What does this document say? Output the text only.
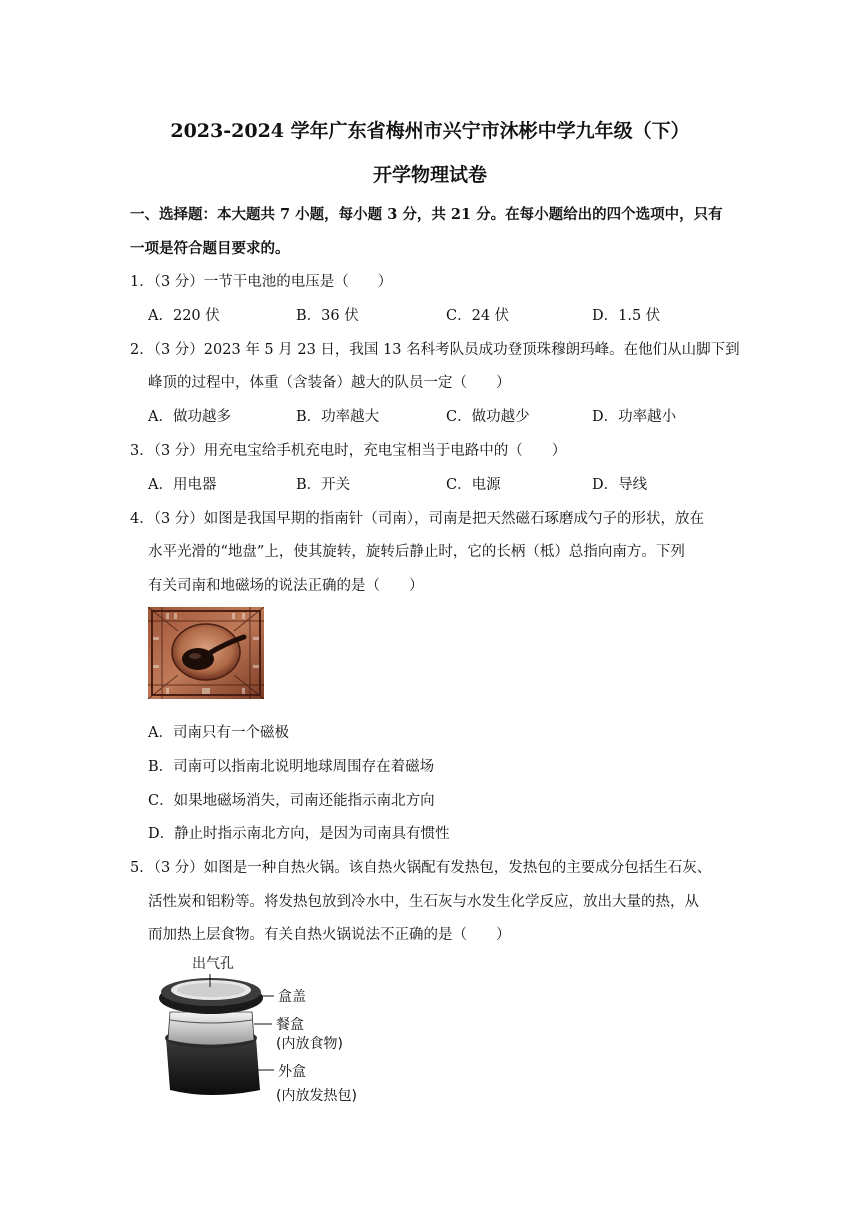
2023-2024 学年广东省梅州市兴宁市沐彬中学九年级（下）
开学物理试卷
一、选择题：本大题共 7 小题，每小题 3 分，共 21 分。在每小题给出的四个选项中，只有
一项是符合题目要求的。
1．（3 分）一节干电池的电压是（　　）
A．220 伏	B．36 伏	C．24 伏	D．1.5 伏
2．（3 分）2023 年 5 月 23 日，我国 13 名科考队员成功登顶珠穆朗玛峰。在他们从山脚下到
峰顶的过程中，体重（含装备）越大的队员一定（　　）
A．做功越多	B．功率越大	C．做功越少	D．功率越小
3．（3 分）用充电宝给手机充电时，充电宝相当于电路中的（　　）
A．用电器	B．开关	C．电源	D．导线
4．（3 分）如图是我国早期的指南针（司南），司南是把天然磁石琢磨成勺子的形状，放在
水平光滑的“地盘”上，使其旋转，旋转后静止时，它的长柄（柢）总指向南方。下列
有关司南和地磁场的说法正确的是（　　）
A．司南只有一个磁极
B．司南可以指南北说明地球周围存在着磁场
C．如果地磁场消失，司南还能指示南北方向
D．静止时指示南北方向，是因为司南具有惯性
5．（3 分）如图是一种自热火锅。该自热火锅配有发热包，发热包的主要成分包括生石灰、
活性炭和铝粉等。将发热包放到冷水中，生石灰与水发生化学反应，放出大量的热，从
而加热上层食物。有关自热火锅说法不正确的是（　　）
出气孔
盒盖
餐盒
(内放食物)
外盒
(内放发热包)
